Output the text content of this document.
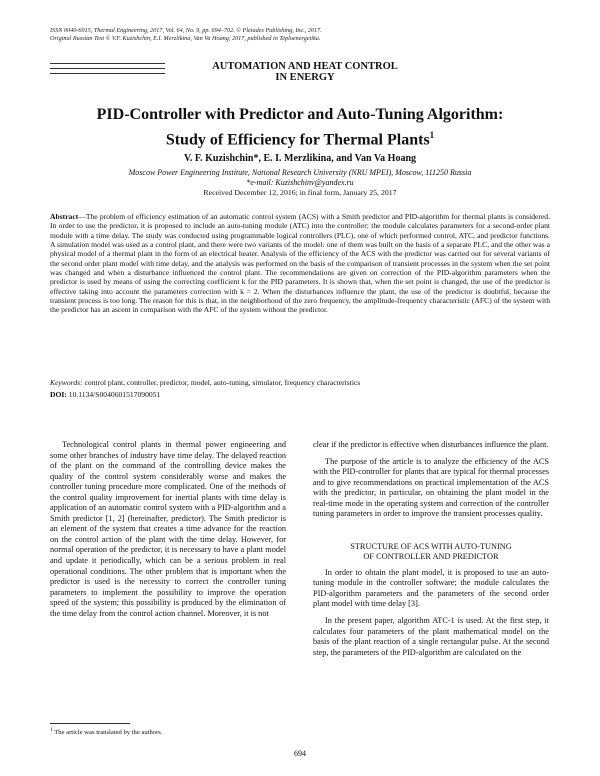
ISSN 0040-6015, Thermal Engineering, 2017, Vol. 64, No. 9, pp. 694–702. © Pleiades Publishing, Inc., 2017.
Original Russian Text © V.F. Kuzishchin, E.I. Merzlikina, Van Va Hoang, 2017, published in Teploenergetika.
AUTOMATION AND HEAT CONTROL
IN ENERGY
PID-Controller with Predictor and Auto-Tuning Algorithm:
Study of Efficiency for Thermal Plants$^1$
V. F. Kuzishchin*, E. I. Merzlikina, and Van Va Hoang
Moscow Power Engineering Institute, National Research University (NRU MPEI), Moscow, 111250 Russia
*e-mail: Kuzishchinv@yandex.ru
Received December 12, 2016; in final form, January 25, 2017
Abstract—The problem of efficiency estimation of an automatic control system (ACS) with a Smith predictor and PID-algorithm for thermal plants is considered. In order to use the predictor, it is proposed to include an auto-tuning module (ATC) into the controller; the module calculates parameters for a second-order plant module with a time delay. The study was conducted using programmable logical controllers (PLC), one of which performed control, ATC, and predictor functions. A simulation model was used as a control plant, and there were two variants of the model: one of them was built on the basis of a separate PLC, and the other was a physical model of a thermal plant in the form of an electrical heater. Analysis of the efficiency of the ACS with the predictor was carried out for several variants of the second order plant model with time delay, and the analysis was performed on the basis of the comparison of transient processes in the system when the set point was changed and when a disturbance influenced the control plant. The recommendations are given on correction of the PID-algorithm parameters when the predictor is used by means of using the correcting coefficient k for the PID parameters. It is shown that, when the set point is changed, the use of the predictor is effective taking into account the parameters correction with k = 2. When the disturbances influence the plant, the use of the predictor is doubtful, because the transient process is too long. The reason for this is that, in the neighborhood of the zero frequency, the amplitude-frequency characteristic (AFC) of the system with the predictor has an ascent in comparison with the AFC of the system without the predictor.
Keywords: control plant, controller, predictor, model, auto-tuning, simulator, frequency characteristics
DOI: 10.1134/S0040601517090051

Technological control plants in thermal power engineering and some other branches of industry have time delay. The delayed reaction of the plant on the command of the controlling device makes the quality of the control system considerably worse and makes the controller tuning procedure more complicated. One of the methods of the control quality improvement for inertial plants with time delay is application of an automatic control system with a PID-algorithm and a Smith predictor [1, 2] (hereinafter, predictor). The Smith predictor is an element of the system that creates a time advance for the reaction on the control action of the plant with the time delay. However, for normal operation of the predictor, it is necessary to have a plant model and update it periodically, which can be a serious problem in real operational conditions. The other problem that is important when the predictor is used is the necessity to correct the controller tuning parameters to implement the possibility to improve the operation speed of the system; this possibility is produced by the elimination of the time delay from the control action channel. Moreover, it is not

clear if the predictor is effective when disturbances influence the plant.

The purpose of the article is to analyze the efficiency of the ACS with the PID-controller for plants that are typical for thermal processes and to give recommendations on practical implementation of the ACS with the predictor, in particular, on obtaining the plant model in the real-time mode in the operating system and correction of the controller tuning parameters in order to improve the transient processes quality.

STRUCTURE OF ACS WITH AUTO-TUNING
OF CONTROLLER AND PREDICTOR

In order to obtain the plant model, it is proposed to use an auto-tuning module in the controller software; the module calculates the PID-algorithm parameters and the parameters of the second order plant model with time delay [3].

In the present paper, algorithm ATC-1 is used. At the first step, it calculates four parameters of the plant mathematical model on the basis of the plant reaction of a single rectangular pulse. At the second step, the parameters of the PID-algorithm are calculated on the

$^1$ The article was translated by the authors.
694
